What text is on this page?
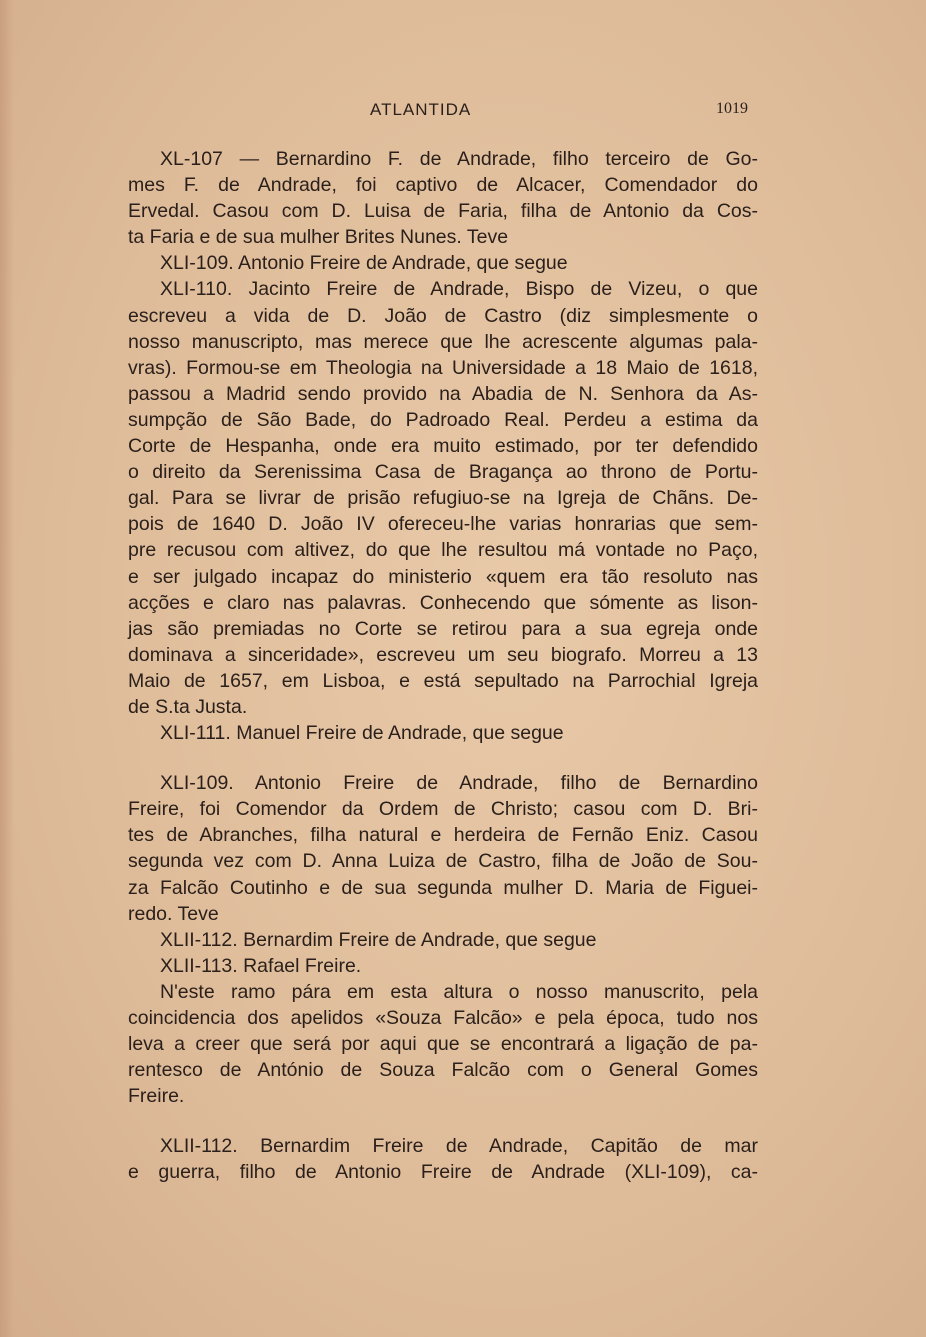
ATLANTIDA	1019
XL-107 — Bernardino F. de Andrade, filho terceiro de Go-
mes F. de Andrade, foi captivo de Alcacer, Comendador do
Ervedal. Casou com D. Luisa de Faria, filha de Antonio da Cos-
ta Faria e de sua mulher Brites Nunes. Teve
XLI-109. Antonio Freire de Andrade, que segue
XLI-110. Jacinto Freire de Andrade, Bispo de Vizeu, o que
escreveu a vida de D. João de Castro (diz simplesmente o
nosso manuscripto, mas merece que lhe acrescente algumas pala-
vras). Formou-se em Theologia na Universidade a 18 Maio de 1618,
passou a Madrid sendo provido na Abadia de N. Senhora da As-
sumpção de São Bade, do Padroado Real. Perdeu a estima da
Corte de Hespanha, onde era muito estimado, por ter defendido
o direito da Serenissima Casa de Bragança ao throno de Portu-
gal. Para se livrar de prisão refugiuo-se na Igreja de Chãns. De-
pois de 1640 D. João IV ofereceu-lhe varias honrarias que sem-
pre recusou com altivez, do que lhe resultou má vontade no Paço,
e ser julgado incapaz do ministerio «quem era tão resoluto nas
acções e claro nas palavras. Conhecendo que sómente as lison-
jas são premiadas no Corte se retirou para a sua egreja onde
dominava a sinceridade», escreveu um seu biografo. Morreu a 13
Maio de 1657, em Lisboa, e está sepultado na Parrochial Igreja
de S.ta Justa.
XLI-111. Manuel Freire de Andrade, que segue
XLI-109. Antonio Freire de Andrade, filho de Bernardino
Freire, foi Comendor da Ordem de Christo; casou com D. Bri-
tes de Abranches, filha natural e herdeira de Fernão Eniz. Casou
segunda vez com D. Anna Luiza de Castro, filha de João de Sou-
za Falcão Coutinho e de sua segunda mulher D. Maria de Figuei-
redo. Teve
XLII-112. Bernardim Freire de Andrade, que segue
XLII-113. Rafael Freire.
N'este ramo pára em esta altura o nosso manuscrito, pela
coincidencia dos apelidos «Souza Falcão» e pela época, tudo nos
leva a creer que será por aqui que se encontrará a ligação de pa-
rentesco de António de Souza Falcão com o General Gomes
Freire.
XLII-112. Bernardim Freire de Andrade, Capitão de mar
e guerra, filho de Antonio Freire de Andrade (XLI-109), ca-
